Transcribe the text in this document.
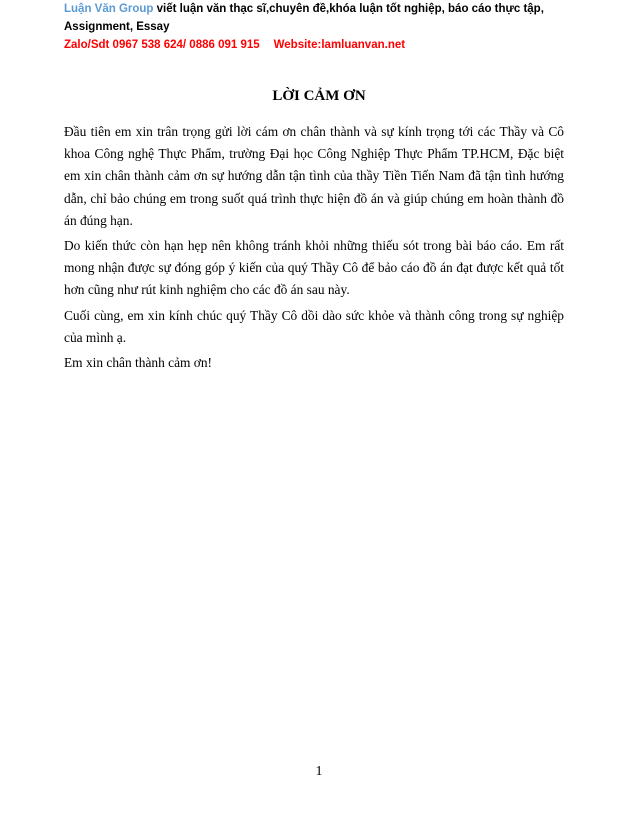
Luận Văn Group viết luận văn thạc sĩ,chuyên đề,khóa luận tốt nghiệp, báo cáo thực tập, Assignment, Essay
Zalo/Sdt 0967 538 624/ 0886 091 915 Website:lamluanvan.net
LỜI CẢM ƠN

Đầu tiên em xin trân trọng gửi lời cám ơn chân thành và sự kính trọng tới các Thầy và Cô khoa Công nghệ Thực Phẩm, trường Đại học Công Nghiệp Thực Phẩm TP.HCM, Đặc biệt em xin chân thành cảm ơn sự hướng dẫn tận tình của thầy Tiền Tiến Nam đã tận tình hướng dẫn, chỉ bảo chúng em trong suốt quá trình thực hiện đồ án và giúp chúng em hoàn thành đồ án đúng hạn.

Do kiến thức còn hạn hẹp nên không tránh khỏi những thiếu sót trong bài báo cáo. Em rất mong nhận được sự đóng góp ý kiến của quý Thầy Cô để bảo cáo đồ án đạt được kết quả tốt hơn cũng như rút kinh nghiệm cho các đồ án sau này.

Cuối cùng, em xin kính chúc quý Thầy Cô dồi dào sức khỏe và thành công trong sự nghiệp của mình ạ.

Em xin chân thành cảm ơn!

1
